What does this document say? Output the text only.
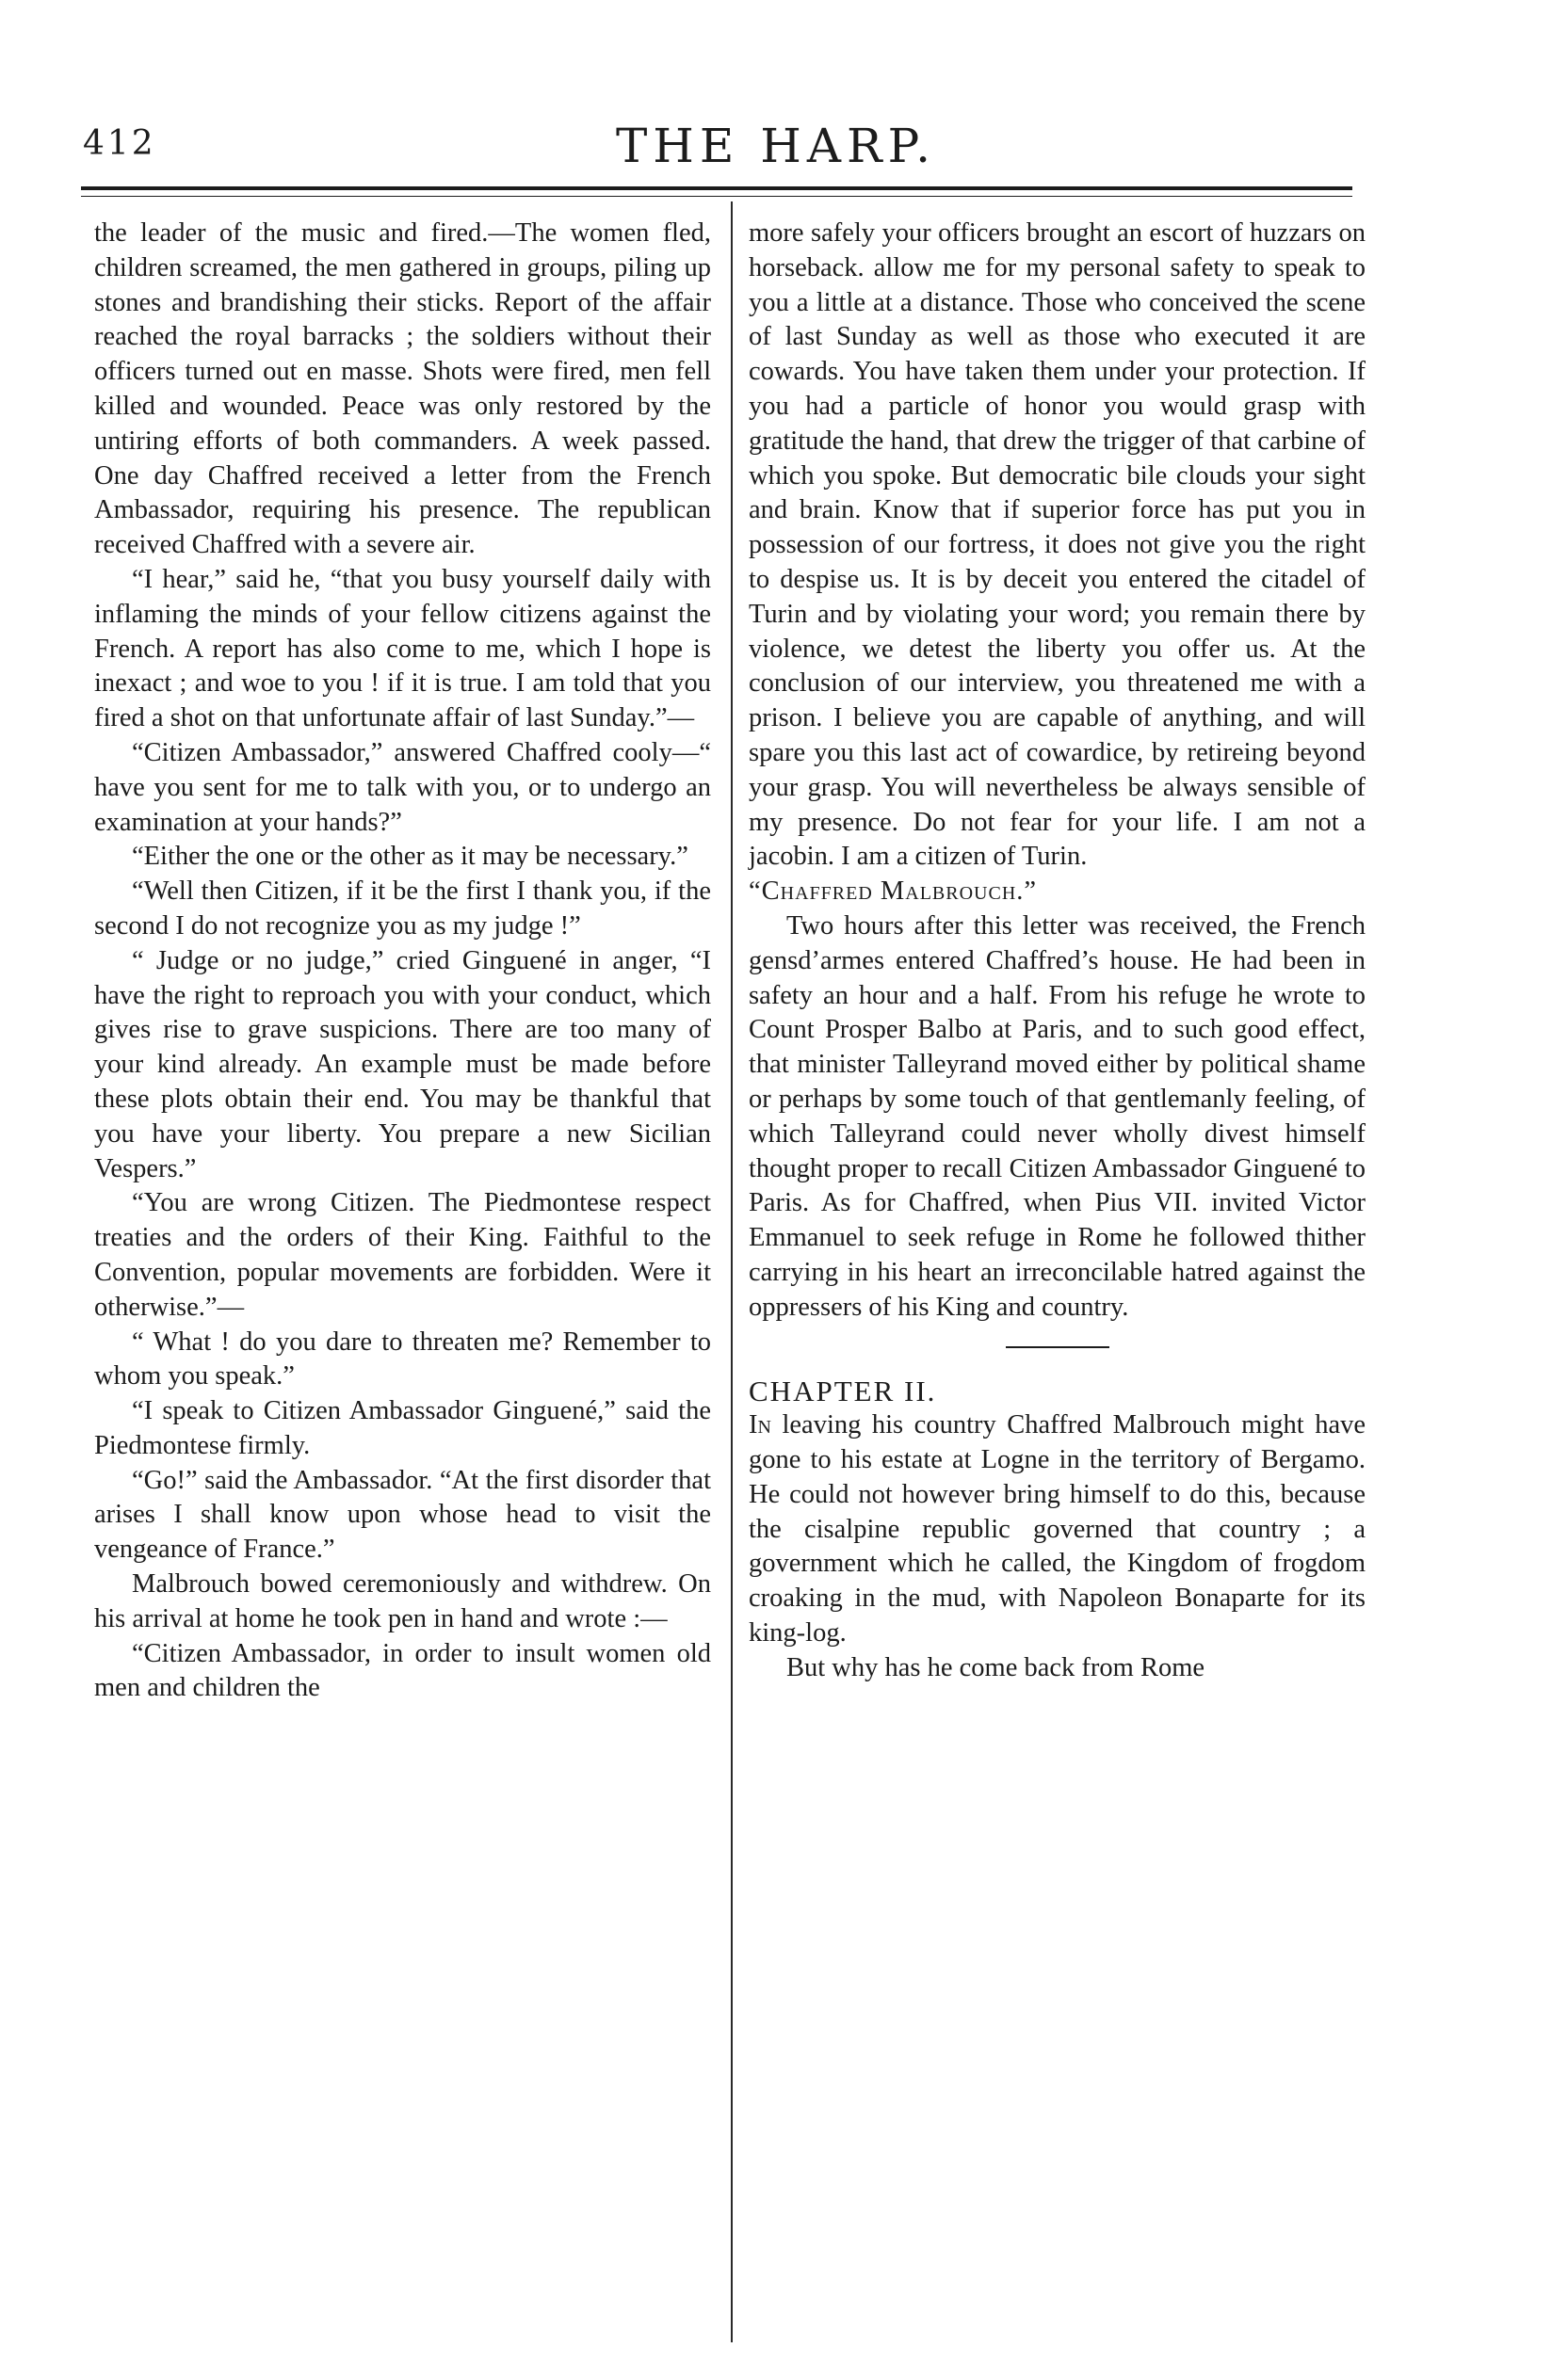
412	THE HARP.

the leader of the music and fired.—The women fled, children screamed, the men gathered in groups, piling up stones and brandishing their sticks. Report of the affair reached the royal barracks ; the soldiers without their officers turned out en masse. Shots were fired, men fell killed and wounded. Peace was only restored by the untiring efforts of both commanders. A week passed. One day Chaffred received a letter from the French Ambassador, requiring his presence. The republican received Chaffred with a severe air.

“I hear,” said he, “that you busy yourself daily with inflaming the minds of your fellow citizens against the French. A report has also come to me, which I hope is inexact ; and woe to you ! if it is true. I am told that you fired a shot on that unfortunate affair of last Sunday.”—

“Citizen Ambassador,” answered Chaffred cooly—“ have you sent for me to talk with you, or to undergo an examination at your hands?”

“Either the one or the other as it may be necessary.”

“Well then Citizen, if it be the first I thank you, if the second I do not recognize you as my judge !”

“ Judge or no judge,” cried Ginguené in anger, “I have the right to reproach you with your conduct, which gives rise to grave suspicions. There are too many of your kind already. An example must be made before these plots obtain their end. You may be thankful that you have your liberty. You prepare a new Sicilian Vespers.”

“You are wrong Citizen. The Piedmontese respect treaties and the orders of their King. Faithful to the Convention, popular movements are forbidden. Were it otherwise.”—

“ What ! do you dare to threaten me? Remember to whom you speak.”

“I speak to Citizen Ambassador Ginguené,” said the Piedmontese firmly.

“Go!” said the Ambassador. “At the first disorder that arises I shall know upon whose head to visit the vengeance of France.”

Malbrouch bowed ceremoniously and withdrew. On his arrival at home he took pen in hand and wrote :—

“Citizen Ambassador, in order to insult women old men and children the

more safely your officers brought an escort of huzzars on horseback. allow me for my personal safety to speak to you a little at a distance. Those who conceived the scene of last Sunday as well as those who executed it are cowards. You have taken them under your protection. If you had a particle of honor you would grasp with gratitude the hand, that drew the trigger of that carbine of which you spoke. But democratic bile clouds your sight and brain. Know that if superior force has put you in possession of our fortress, it does not give you the right to despise us. It is by deceit you entered the citadel of Turin and by violating your word; you remain there by violence, we detest the liberty you offer us. At the conclusion of our interview, you threatened me with a prison. I believe you are capable of anything, and will spare you this last act of cowardice, by retireing beyond your grasp. You will nevertheless be always sensible of my presence. Do not fear for your life. I am not a jacobin. I am a citizen of Turin.

“Chaffred Malbrouch.”

Two hours after this letter was received, the French gensd’armes entered Chaffred’s house. He had been in safety an hour and a half. From his refuge he wrote to Count Prosper Balbo at Paris, and to such good effect, that minister Talleyrand moved either by political shame or perhaps by some touch of that gentlemanly feeling, of which Talleyrand could never wholly divest himself thought proper to recall Citizen Ambassador Ginguené to Paris. As for Chaffred, when Pius VII. invited Victor Emmanuel to seek refuge in Rome he followed thither carrying in his heart an irreconcilable hatred against the oppressers of his King and country.

CHAPTER II.

In leaving his country Chaffred Malbrouch might have gone to his estate at Logne in the territory of Bergamo. He could not however bring himself to do this, because the cisalpine republic governed that country ; a government which he called, the Kingdom of frogdom croaking in the mud, with Napoleon Bonaparte for its king-log.

But why has he come back from Rome
